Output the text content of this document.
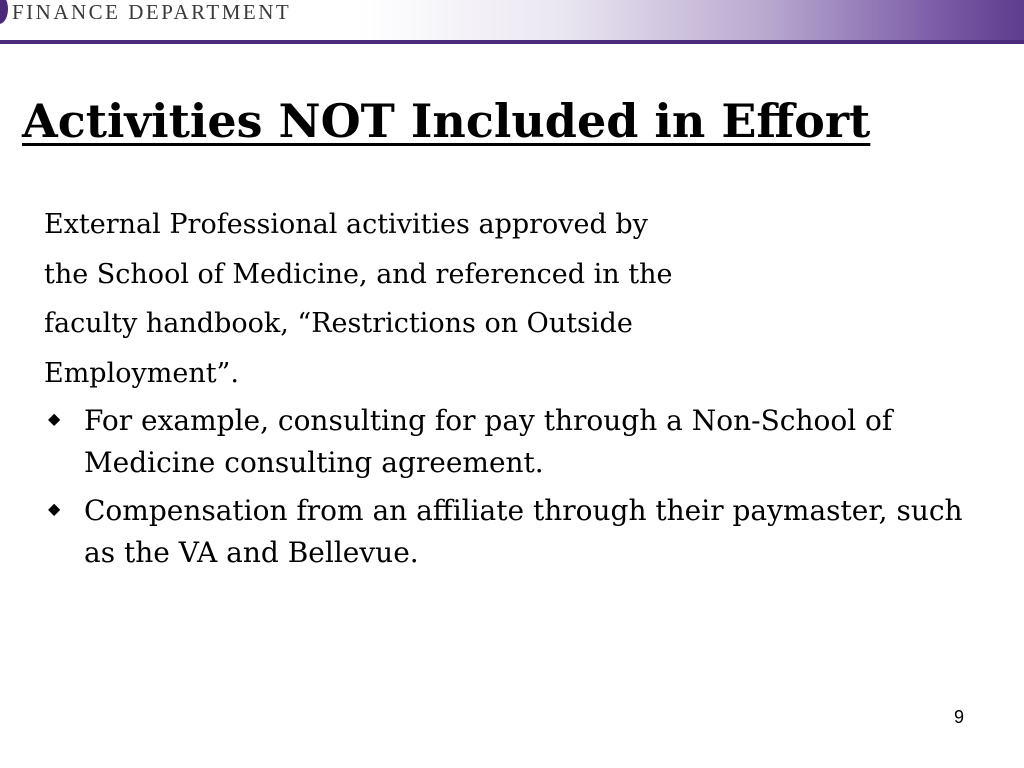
FINANCE DEPARTMENT
Activities NOT Included in Effort

External Professional activities approved by
the School of Medicine, and referenced in the
faculty handbook, “Restrictions on Outside
Employment”.

◆ For example, consulting for pay through a Non-School of Medicine consulting agreement.
◆ Compensation from an affiliate through their paymaster, such as the VA and Bellevue.
9
